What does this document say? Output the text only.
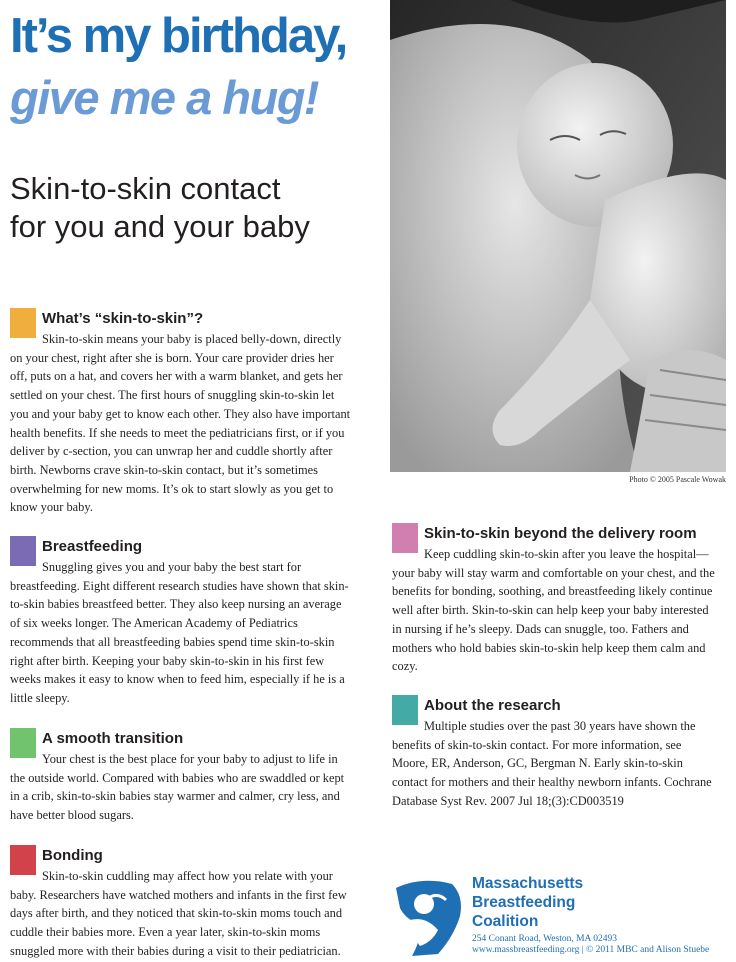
It’s my birthday,
give me a hug!
Skin-to-skin contact
for you and your baby
Photo © 2005 Pascale Wowak
What’s “skin-to-skin”?

Skin-to-skin means your baby is placed belly-down, directly on your chest, right after she is born. Your care provider dries her off, puts on a hat, and covers her with a warm blanket, and gets her settled on your chest. The first hours of snuggling skin-to-skin let you and your baby get to know each other. They also have important health benefits. If she needs to meet the pediatricians first, or if you deliver by c-section, you can unwrap her and cuddle shortly after birth. Newborns crave skin-to-skin contact, but it’s sometimes overwhelming for new moms. It’s ok to start slowly as you get to know your baby.

Breastfeeding

Snuggling gives you and your baby the best start for breastfeeding. Eight different research studies have shown that skin-to-skin babies breastfeed better. They also keep nursing an average of six weeks longer. The American Academy of Pediatrics recommends that all breastfeeding babies spend time skin-to-skin right after birth. Keeping your baby skin-to-skin in his first few weeks makes it easy to know when to feed him, especially if he is a little sleepy.

A smooth transition

Your chest is the best place for your baby to adjust to life in the outside world. Compared with babies who are swaddled or kept in a crib, skin-to-skin babies stay warmer and calmer, cry less, and have better blood sugars.

Bonding

Skin-to-skin cuddling may affect how you relate with your baby. Researchers have watched mothers and infants in the first few days after birth, and they noticed that skin-to-skin moms touch and cuddle their babies more. Even a year later, skin-to-skin moms snuggled more with their babies during a visit to their pediatrician.

Skin-to-skin beyond the delivery room

Keep cuddling skin-to-skin after you leave the hospital—your baby will stay warm and comfortable on your chest, and the benefits for bonding, soothing, and breastfeeding likely continue well after birth. Skin-to-skin can help keep your baby interested in nursing if he’s sleepy. Dads can snuggle, too. Fathers and mothers who hold babies skin-to-skin help keep them calm and cozy.

About the research

Multiple studies over the past 30 years have shown the benefits of skin-to-skin contact. For more information, see Moore, ER, Anderson, GC, Bergman N. Early skin-to-skin contact for mothers and their healthy newborn infants. Cochrane Database Syst Rev. 2007 Jul 18;(3):CD003519

Massachusetts
Breastfeeding
Coalition
254 Conant Road, Weston, MA 02493
www.massbreastfeeding.org | © 2011 MBC and Alison Stuebe
